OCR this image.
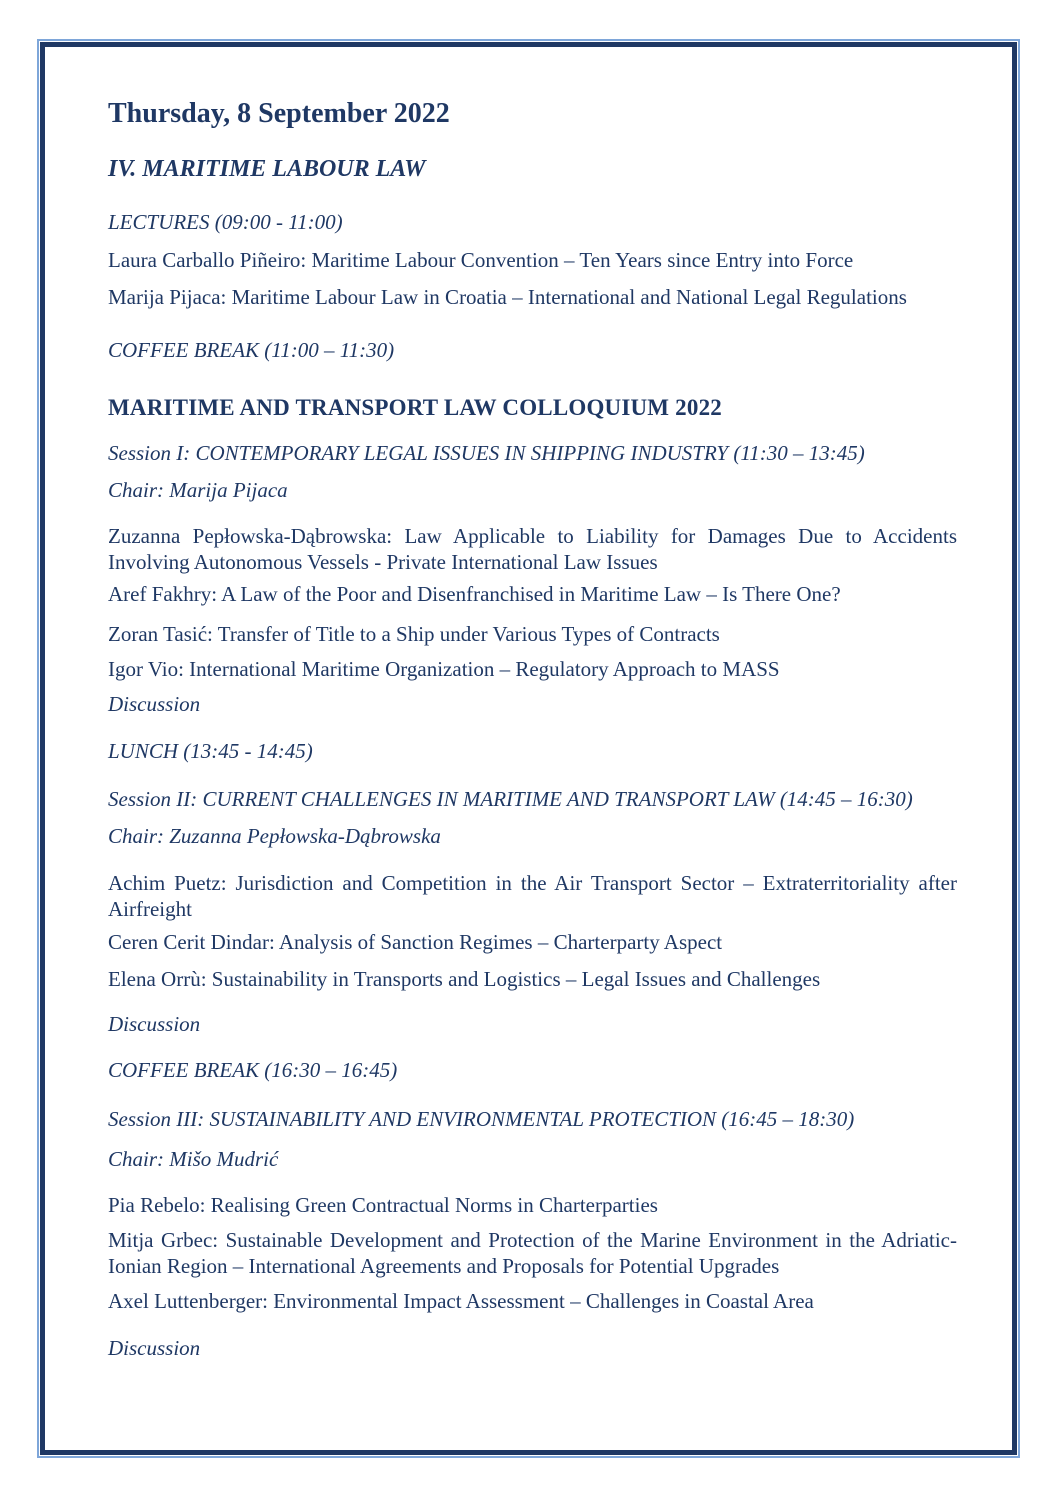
Thursday, 8 September 2022

IV. MARITIME LABOUR LAW

LECTURES (09:00 - 11:00)

Laura Carballo Piñeiro: Maritime Labour Convention – Ten Years since Entry into Force

Marija Pijaca: Maritime Labour Law in Croatia – International and National Legal Regulations

COFFEE BREAK (11:00 – 11:30)

MARITIME AND TRANSPORT LAW COLLOQUIUM 2022

Session I: CONTEMPORARY LEGAL ISSUES IN SHIPPING INDUSTRY (11:30 – 13:45)

Chair: Marija Pijaca

Zuzanna Pepłowska-Dąbrowska: Law Applicable to Liability for Damages Due to Accidents Involving Autonomous Vessels - Private International Law Issues

Aref Fakhry: A Law of the Poor and Disenfranchised in Maritime Law – Is There One?

Zoran Tasić: Transfer of Title to a Ship under Various Types of Contracts

Igor Vio: International Maritime Organization – Regulatory Approach to MASS

Discussion

LUNCH (13:45 - 14:45)

Session II: CURRENT CHALLENGES IN MARITIME AND TRANSPORT LAW (14:45 – 16:30)

Chair: Zuzanna Pepłowska-Dąbrowska

Achim Puetz: Jurisdiction and Competition in the Air Transport Sector – Extraterritoriality after Airfreight

Ceren Cerit Dindar: Analysis of Sanction Regimes – Charterparty Aspect

Elena Orrù: Sustainability in Transports and Logistics – Legal Issues and Challenges

Discussion

COFFEE BREAK (16:30 – 16:45)

Session III: SUSTAINABILITY AND ENVIRONMENTAL PROTECTION (16:45 – 18:30)

Chair: Mišo Mudrić

Pia Rebelo: Realising Green Contractual Norms in Charterparties

Mitja Grbec: Sustainable Development and Protection of the Marine Environment in the Adriatic-Ionian Region – International Agreements and Proposals for Potential Upgrades

Axel Luttenberger: Environmental Impact Assessment – Challenges in Coastal Area

Discussion
